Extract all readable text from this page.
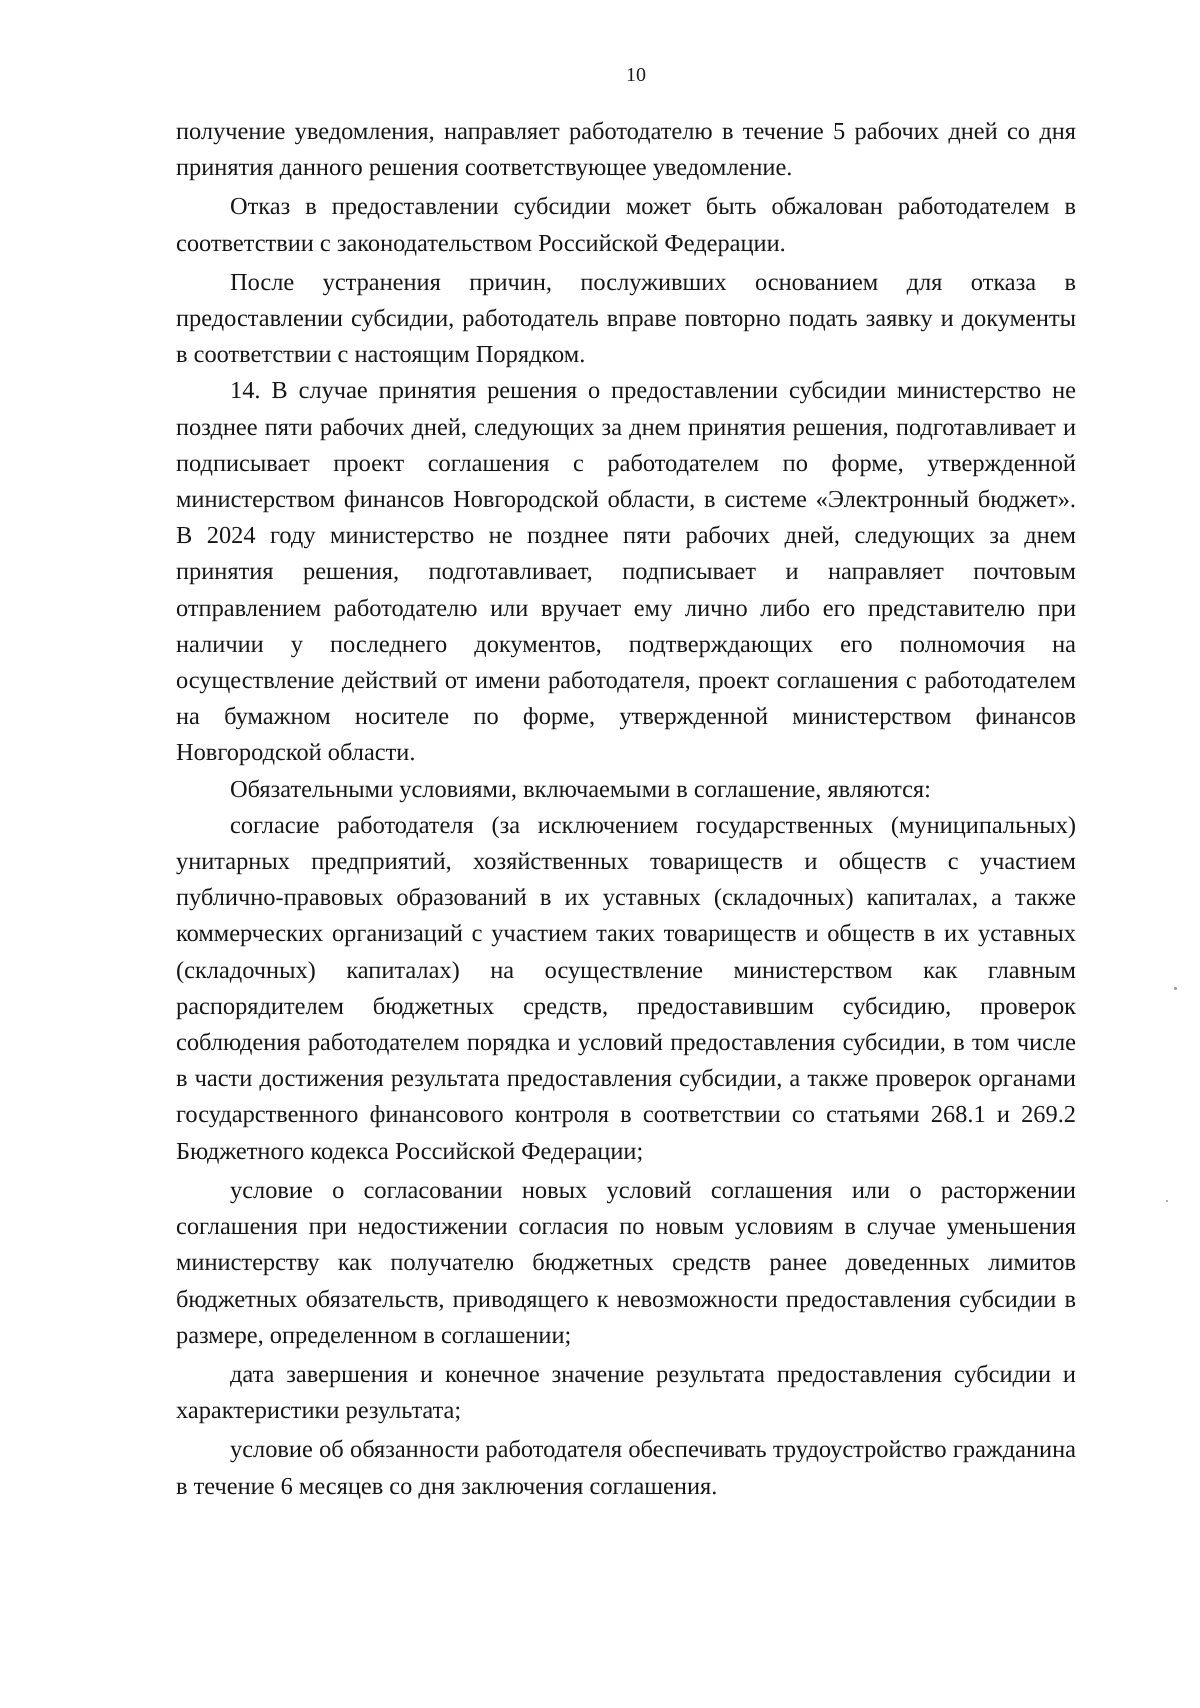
10

получение уведомления, направляет работодателю в течение 5 рабочих дней со дня принятия данного решения соответствующее уведомление.

Отказ в предоставлении субсидии может быть обжалован работодателем в соответствии с законодательством Российской Федерации.

После устранения причин, послуживших основанием для отказа в предоставлении субсидии, работодатель вправе повторно подать заявку и документы в соответствии с настоящим Порядком.

14. В случае принятия решения о предоставлении субсидии министерство не позднее пяти рабочих дней, следующих за днем принятия решения, подготавливает и подписывает проект соглашения с работодателем по форме, утвержденной министерством финансов Новгородской области, в системе «Электронный бюджет». В 2024 году министерство не позднее пяти рабочих дней, следующих за днем принятия решения, подготавливает, подписывает и направляет почтовым отправлением работодателю или вручает ему лично либо его представителю при наличии у последнего документов, подтверждающих его полномочия на осуществление действий от имени работодателя, проект соглашения с работодателем на бумажном носителе по форме, утвержденной министерством финансов Новгородской области.

Обязательными условиями, включаемыми в соглашение, являются:

согласие работодателя (за исключением государственных (муниципальных) унитарных предприятий, хозяйственных товариществ и обществ с участием публично-правовых образований в их уставных (складочных) капиталах, а также коммерческих организаций с участием таких товариществ и обществ в их уставных (складочных) капиталах) на осуществление министерством как главным распорядителем бюджетных средств, предоставившим субсидию, проверок соблюдения работодателем порядка и условий предоставления субсидии, в том числе в части достижения результата предоставления субсидии, а также проверок органами государственного финансового контроля в соответствии со статьями 268.1 и 269.2 Бюджетного кодекса Российской Федерации;

условие о согласовании новых условий соглашения или о расторжении соглашения при недостижении согласия по новым условиям в случае уменьшения министерству как получателю бюджетных средств ранее доведенных лимитов бюджетных обязательств, приводящего к невозможности предоставления субсидии в размере, определенном в соглашении;

дата завершения и конечное значение результата предоставления субсидии и характеристики результата;

условие об обязанности работодателя обеспечивать трудоустройство гражданина в течение 6 месяцев со дня заключения соглашения.
